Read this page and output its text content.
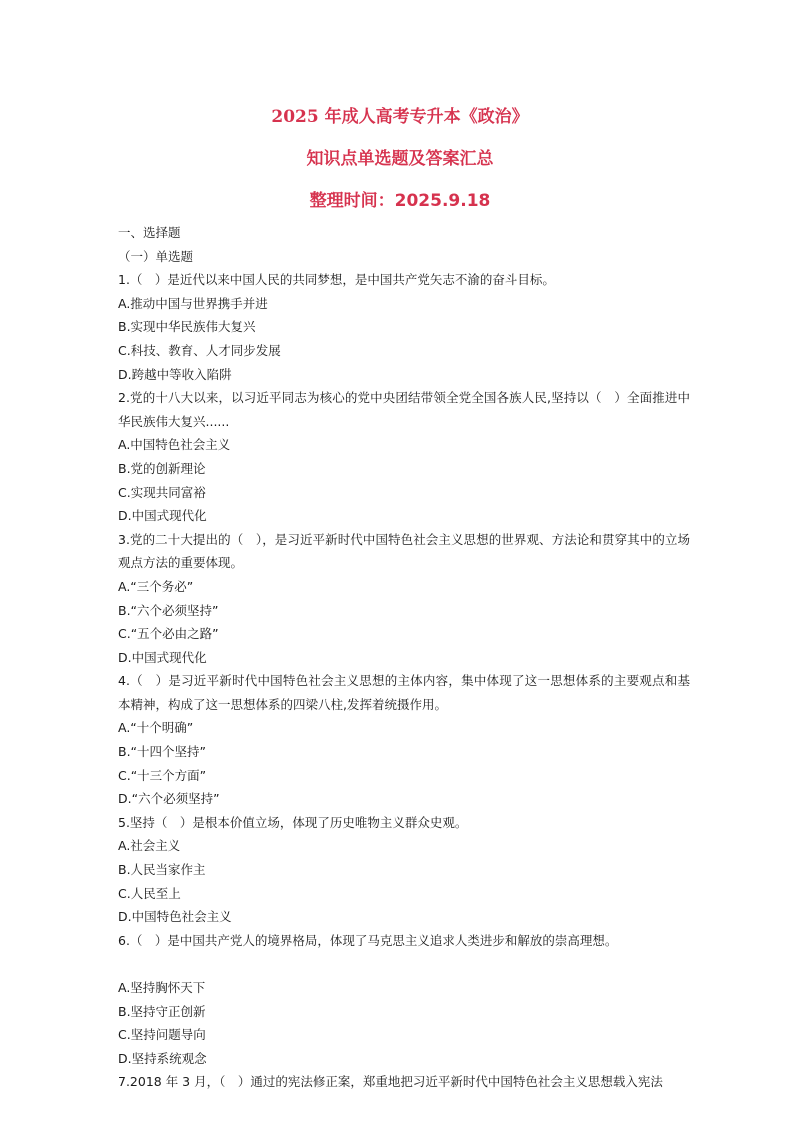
2025 年成人高考专升本《政治》
知识点单选题及答案汇总
整理时间：2025.9.18
一、选择题
（一）单选题
1.（　）是近代以来中国人民的共同梦想，是中国共产党矢志不渝的奋斗目标。
A.推动中国与世界携手并进
B.实现中华民族伟大复兴
C.科技、教育、人才同步发展
D.跨越中等收入陷阱
2.党的十八大以来，以习近平同志为核心的党中央团结带领全党全国各族人民,坚持以（　）全面推进中华民族伟大复兴......
A.中国特色社会主义
B.党的创新理论
C.实现共同富裕
D.中国式现代化
3.党的二十大提出的（　），是习近平新时代中国特色社会主义思想的世界观、方法论和贯穿其中的立场观点方法的重要体现。
A.“三个务必”
B.“六个必须坚持”
C.“五个必由之路”
D.中国式现代化
4.（　）是习近平新时代中国特色社会主义思想的主体内容，集中体现了这一思想体系的主要观点和基本精神，构成了这一思想体系的四梁八柱,发挥着统摄作用。
A.“十个明确”
B.“十四个坚持”
C.“十三个方面”
D.“六个必须坚持”
5.坚持（　）是根本价值立场，体现了历史唯物主义群众史观。
A.社会主义
B.人民当家作主
C.人民至上
D.中国特色社会主义
6.（　）是中国共产党人的境界格局，体现了马克思主义追求人类进步和解放的崇高理想。
A.坚持胸怀天下
B.坚持守正创新
C.坚持问题导向
D.坚持系统观念
7.2018 年 3 月，（　）通过的宪法修正案，郑重地把习近平新时代中国特色社会主义思想载入宪法
